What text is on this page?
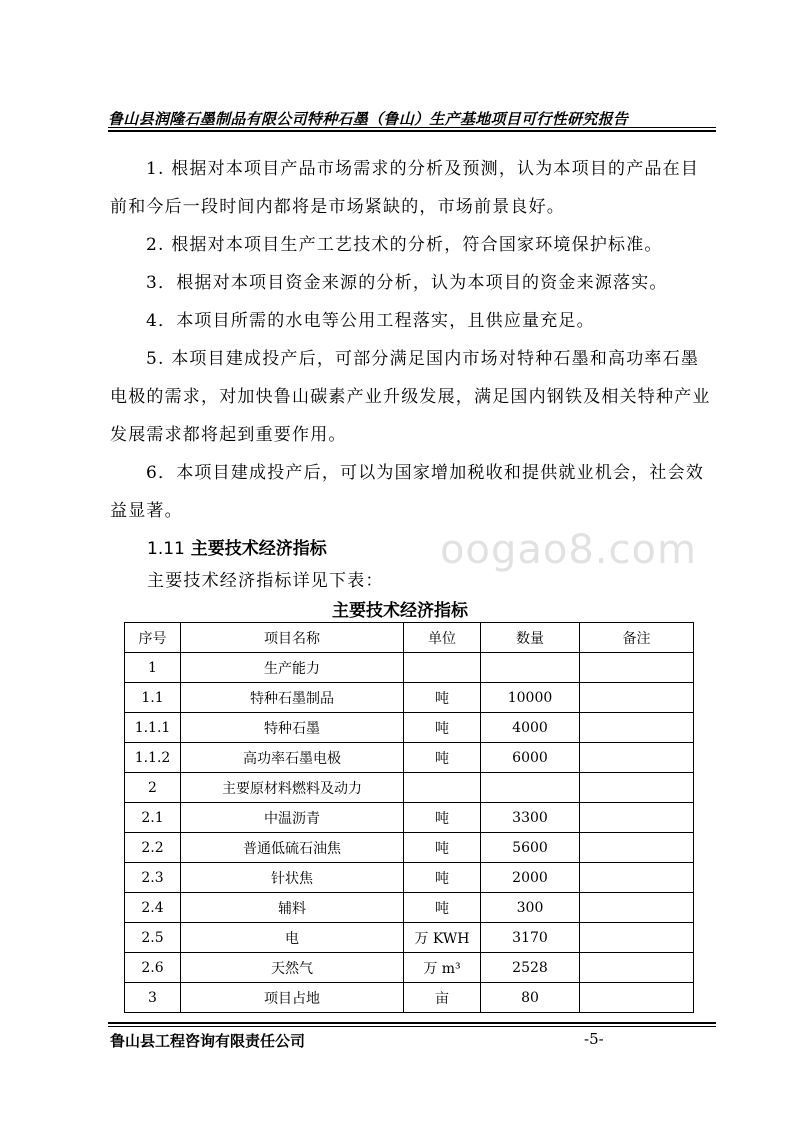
鲁山县润隆石墨制品有限公司特种石墨（鲁山）生产基地项目可行性研究报告
1. 根据对本项目产品市场需求的分析及预测，认为本项目的产品在目前和今后一段时间内都将是市场紧缺的，市场前景良好。
2. 根据对本项目生产工艺技术的分析，符合国家环境保护标准。
3．根据对本项目资金来源的分析，认为本项目的资金来源落实。
4．本项目所需的水电等公用工程落实，且供应量充足。
5. 本项目建成投产后，可部分满足国内市场对特种石墨和高功率石墨电极的需求，对加快鲁山碳素产业升级发展，满足国内钢铁及相关特种产业发展需求都将起到重要作用。
6．本项目建成投产后，可以为国家增加税收和提供就业机会，社会效益显著。
oogao8.com
1.11 主要技术经济指标
主要技术经济指标详见下表：
主要技术经济指标
序号	项目名称	单位	数量	备注
1	生产能力			
1.1	特种石墨制品	吨	10000	
1.1.1	特种石墨	吨	4000	
1.1.2	高功率石墨电极	吨	6000	
2	主要原材料燃料及动力			
2.1	中温沥青	吨	3300	
2.2	普通低硫石油焦	吨	5600	
2.3	针状焦	吨	2000	
2.4	辅料	吨	300	
2.5	电	万 KWH	3170	
2.6	天然气	万 m³	2528	
3	项目占地	亩	80	
鲁山县工程咨询有限责任公司	-5-
